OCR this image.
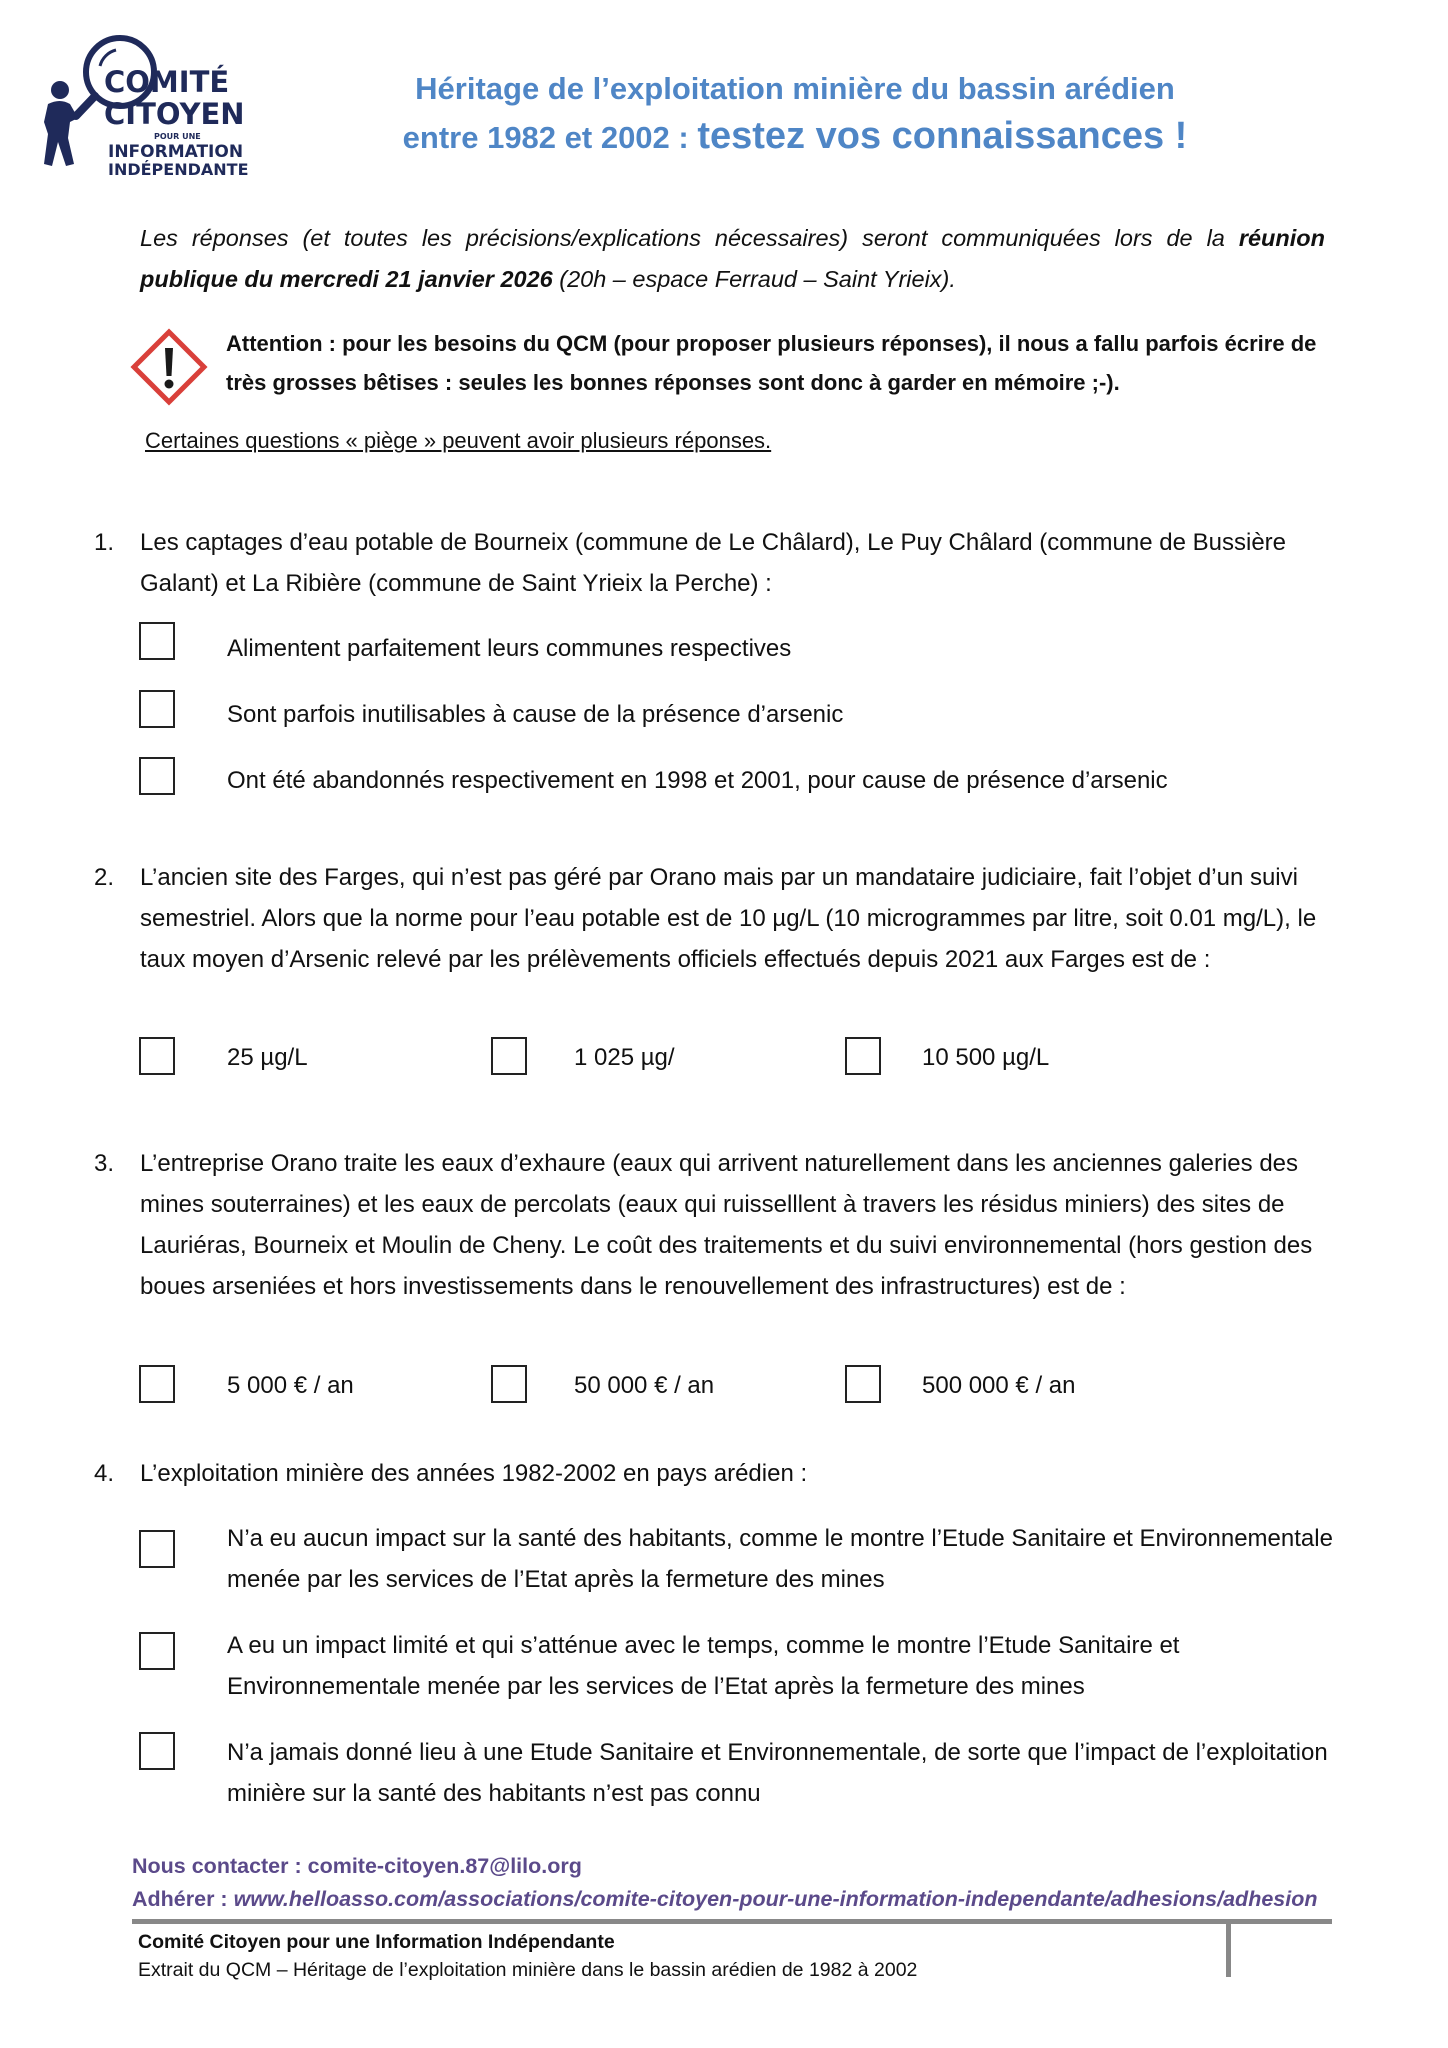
COMITÉ
CITOYEN
POUR UNE
INFORMATION
INDÉPENDANTE
Héritage de l’exploitation minière du bassin arédien
entre 1982 et 2002 : testez vos connaissances !
Les réponses (et toutes les précisions/explications nécessaires) seront communiquées lors de la réunion publique du mercredi 21 janvier 2026 (20h – espace Ferraud – Saint Yrieix).
Attention : pour les besoins du QCM (pour proposer plusieurs réponses), il nous a fallu parfois écrire de très grosses bêtises : seules les bonnes réponses sont donc à garder en mémoire ;-).
Certaines questions « piège » peuvent avoir plusieurs réponses.
1. Les captages d’eau potable de Bourneix (commune de Le Châlard), Le Puy Châlard (commune de Bussière Galant) et La Ribière (commune de Saint Yrieix la Perche) :
Alimentent parfaitement leurs communes respectives
Sont parfois inutilisables à cause de la présence d’arsenic
Ont été abandonnés respectivement en 1998 et 2001, pour cause de présence d’arsenic
2. L’ancien site des Farges, qui n’est pas géré par Orano mais par un mandataire judiciaire, fait l’objet d’un suivi semestriel. Alors que la norme pour l’eau potable est de 10 µg/L (10 microgrammes par litre, soit 0.01 mg/L), le taux moyen d’Arsenic relevé par les prélèvements officiels effectués depuis 2021 aux Farges est de :
25 µg/L	1 025 µg/	10 500 µg/L
3. L’entreprise Orano traite les eaux d’exhaure (eaux qui arrivent naturellement dans les anciennes galeries des mines souterraines) et les eaux de percolats (eaux qui ruisselllent à travers les résidus miniers) des sites de Lauriéras, Bourneix et Moulin de Cheny. Le coût des traitements et du suivi environnemental (hors gestion des boues arseniées et hors investissements dans le renouvellement des infrastructures) est de :
5 000 € / an	50 000 € / an	500 000 € / an
4. L’exploitation minière des années 1982-2002 en pays arédien :
N’a eu aucun impact sur la santé des habitants, comme le montre l’Etude Sanitaire et Environnementale menée par les services de l’Etat après la fermeture des mines
A eu un impact limité et qui s’atténue avec le temps, comme le montre l’Etude Sanitaire et Environnementale menée par les services de l’Etat après la fermeture des mines
N’a jamais donné lieu à une Etude Sanitaire et Environnementale, de sorte que l’impact de l’exploitation minière sur la santé des habitants n’est pas connu
Nous contacter : comite-citoyen.87@lilo.org
Adhérer : www.helloasso.com/associations/comite-citoyen-pour-une-information-independante/adhesions/adhesion
Comité Citoyen pour une Information Indépendante
Extrait du QCM – Héritage de l’exploitation minière dans le bassin arédien de 1982 à 2002
